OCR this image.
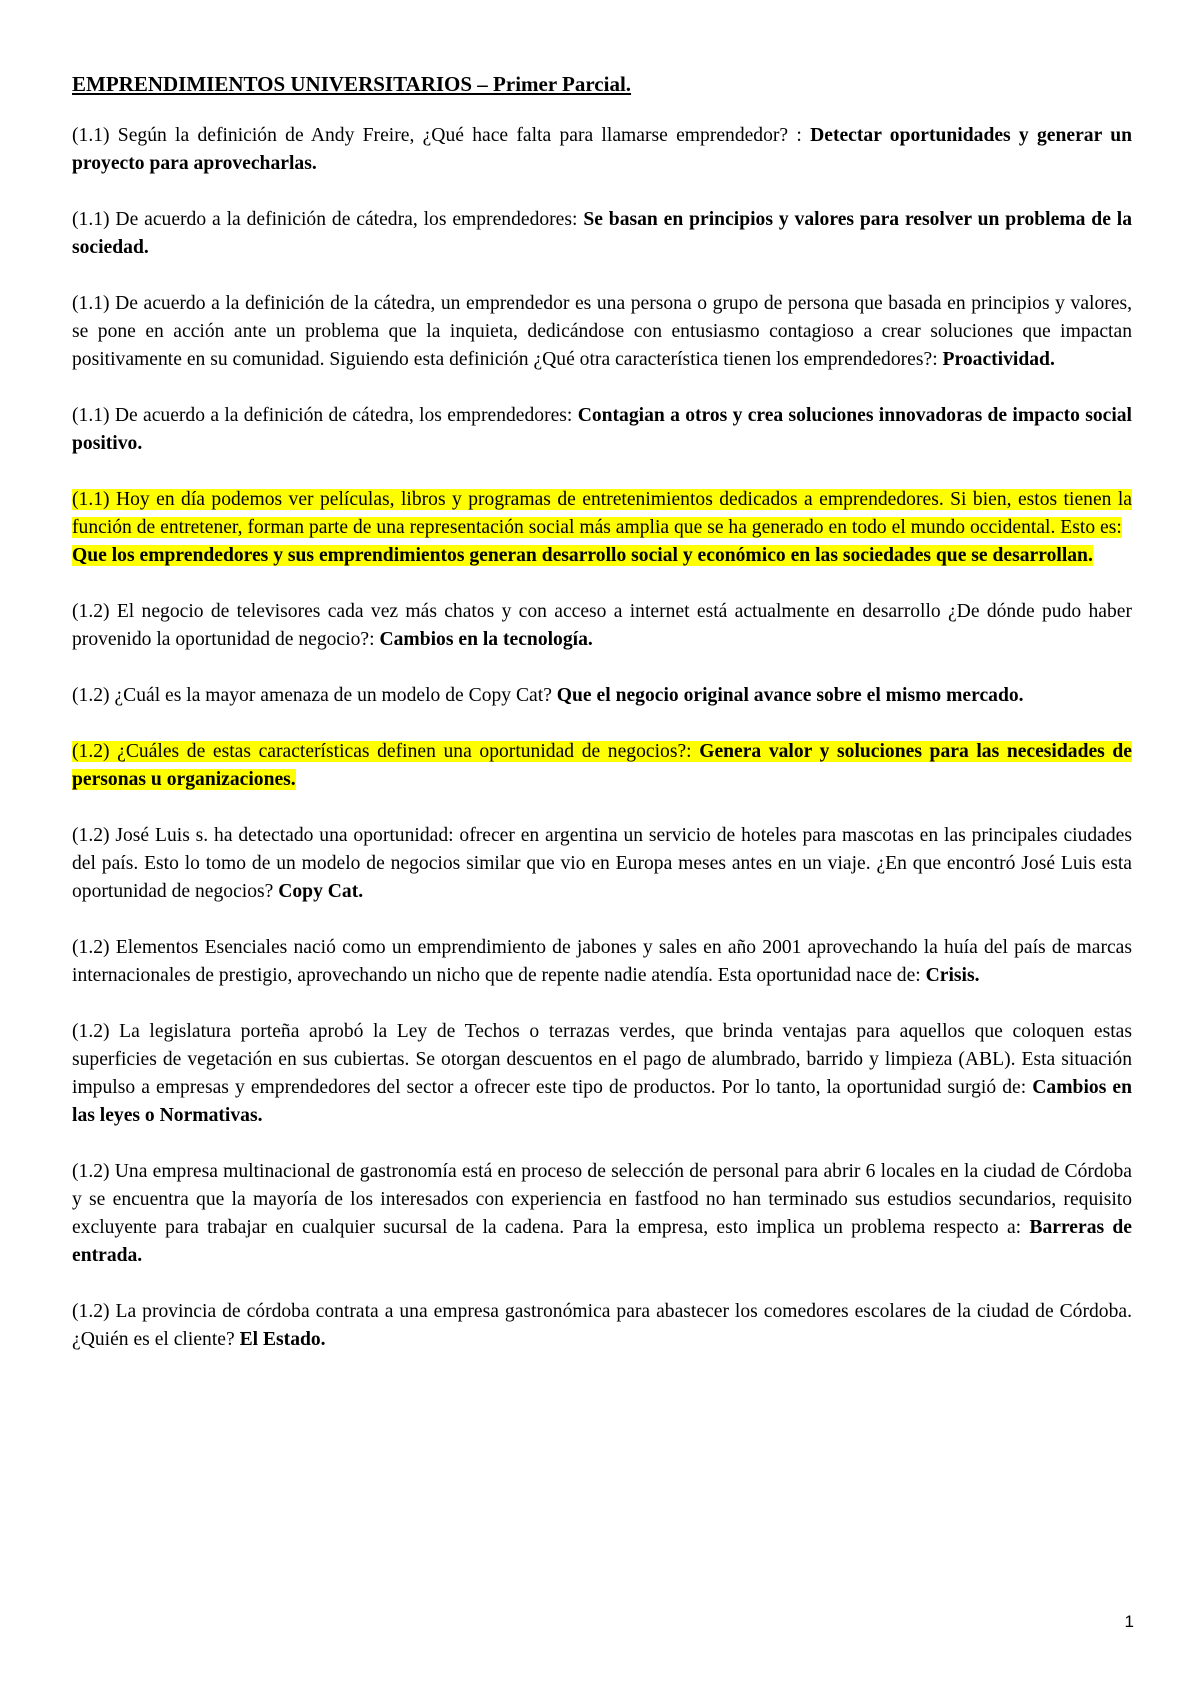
EMPRENDIMIENTOS UNIVERSITARIOS – Primer Parcial.

(1.1) Según la definición de Andy Freire, ¿Qué hace falta para llamarse emprendedor? : Detectar oportunidades y generar un proyecto para aprovecharlas.

(1.1) De acuerdo a la definición de cátedra, los emprendedores: Se basan en principios y valores para resolver un problema de la sociedad.

(1.1) De acuerdo a la definición de la cátedra, un emprendedor es una persona o grupo de persona que basada en principios y valores, se pone en acción ante un problema que la inquieta, dedicándose con entusiasmo contagioso a crear soluciones que impactan positivamente en su comunidad. Siguiendo esta definición ¿Qué otra característica tienen los emprendedores?: Proactividad.

(1.1) De acuerdo a la definición de cátedra, los emprendedores: Contagian a otros y crea soluciones innovadoras de impacto social positivo.

(1.1) Hoy en día podemos ver películas, libros y programas de entretenimientos dedicados a emprendedores. Si bien, estos tienen la función de entretener, forman parte de una representación social más amplia que se ha generado en todo el mundo occidental. Esto es:
Que los emprendedores y sus emprendimientos generan desarrollo social y económico en las sociedades que se desarrollan.

(1.2) El negocio de televisores cada vez más chatos y con acceso a internet está actualmente en desarrollo ¿De dónde pudo haber provenido la oportunidad de negocio?: Cambios en la tecnología.

(1.2) ¿Cuál es la mayor amenaza de un modelo de Copy Cat? Que el negocio original avance sobre el mismo mercado.

(1.2) ¿Cuáles de estas características definen una oportunidad de negocios?: Genera valor y soluciones para las necesidades de personas u organizaciones.

(1.2) José Luis s. ha detectado una oportunidad: ofrecer en argentina un servicio de hoteles para mascotas en las principales ciudades del país. Esto lo tomo de un modelo de negocios similar que vio en Europa meses antes en un viaje. ¿En que encontró José Luis esta oportunidad de negocios? Copy Cat.

(1.2) Elementos Esenciales nació como un emprendimiento de jabones y sales en año 2001 aprovechando la huía del país de marcas internacionales de prestigio, aprovechando un nicho que de repente nadie atendía. Esta oportunidad nace de: Crisis.

(1.2) La legislatura porteña aprobó la Ley de Techos o terrazas verdes, que brinda ventajas para aquellos que coloquen estas superficies de vegetación en sus cubiertas. Se otorgan descuentos en el pago de alumbrado, barrido y limpieza (ABL). Esta situación impulso a empresas y emprendedores del sector a ofrecer este tipo de productos. Por lo tanto, la oportunidad surgió de: Cambios en las leyes o Normativas.

(1.2) Una empresa multinacional de gastronomía está en proceso de selección de personal para abrir 6 locales en la ciudad de Córdoba y se encuentra que la mayoría de los interesados con experiencia en fastfood no han terminado sus estudios secundarios, requisito excluyente para trabajar en cualquier sucursal de la cadena. Para la empresa, esto implica un problema respecto a: Barreras de entrada.

(1.2) La provincia de córdoba contrata a una empresa gastronómica para abastecer los comedores escolares de la ciudad de Córdoba. ¿Quién es el cliente? El Estado.

1
